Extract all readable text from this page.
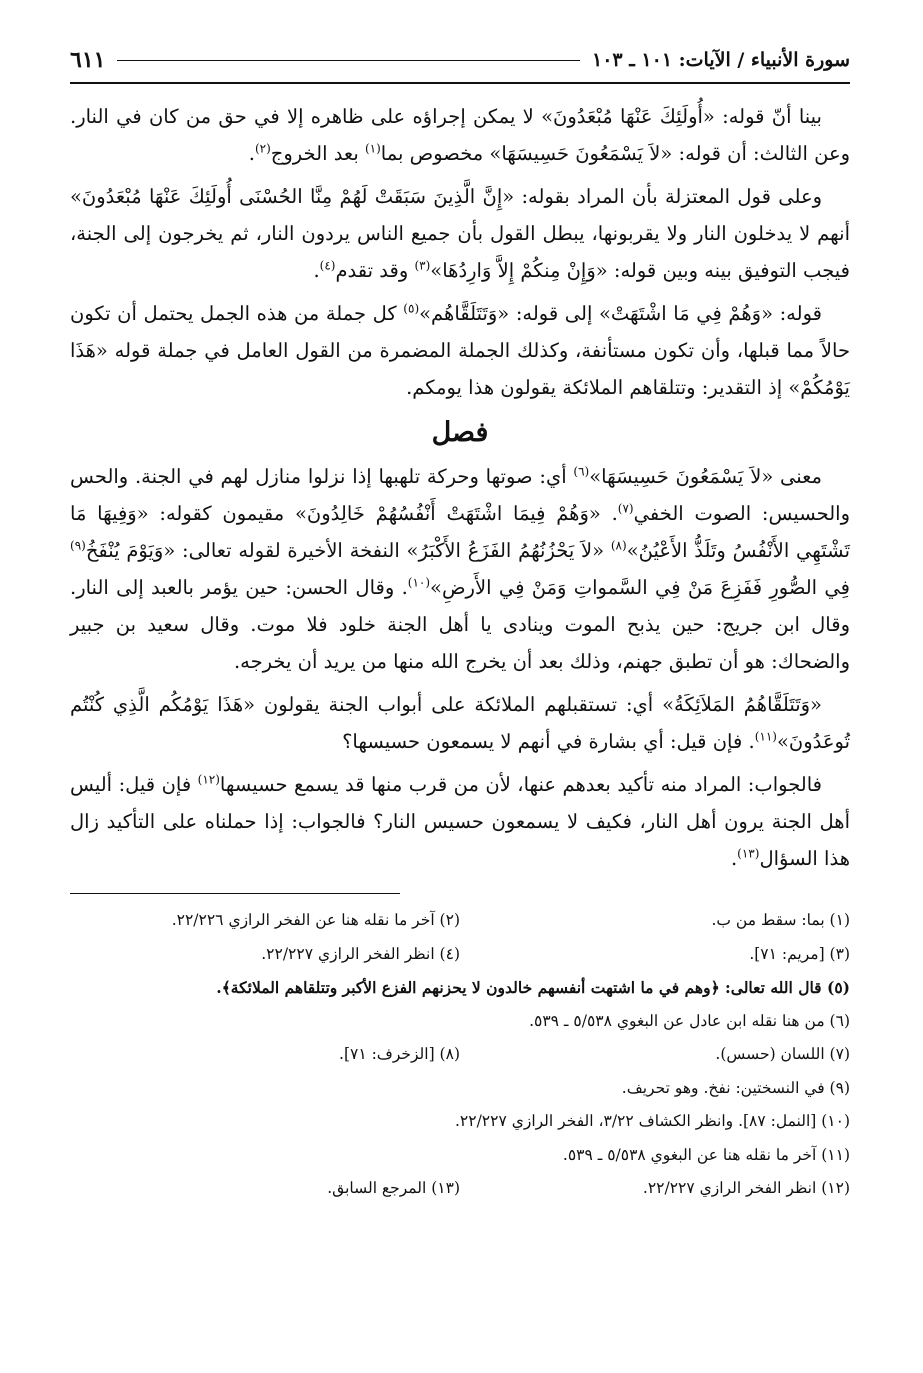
سورة الأنبياء / الآيات: ١٠١ ـ ١٠٣
٦١١

بينا أنّ قوله: «أُولَئِكَ عَنْهَا مُبْعَدُونَ» لا يمكن إجراؤه على ظاهره إلا في حق من كان في النار. وعن الثالث: أن قوله: «لاَ يَسْمَعُونَ حَسِيسَهَا» مخصوص بما$^{(١)}$ بعد الخروج$^{(٢)}$.

وعلى قول المعتزلة بأن المراد بقوله: «إِنَّ الَّذِينَ سَبَقَتْ لَهُمْ مِنَّا الحُسْنَى أُولَئِكَ عَنْهَا مُبْعَدُونَ» أنهم لا يدخلون النار ولا يقربونها، يبطل القول بأن جميع الناس يردون النار، ثم يخرجون إلى الجنة، فيجب التوفيق بينه وبين قوله: «وَإِنْ مِنكُمْ إِلاَّ وَارِدُهَا»$^{(٣)}$ وقد تقدم$^{(٤)}$.

قوله: «وَهُمْ فِي مَا اشْتَهَتْ» إلى قوله: «وَتَتَلَقَّاهُم»$^{(٥)}$ كل جملة من هذه الجمل يحتمل أن تكون حالاً مما قبلها، وأن تكون مستأنفة، وكذلك الجملة المضمرة من القول العامل في جملة قوله «هَذَا يَوْمُكُمْ» إذ التقدير: وتتلقاهم الملائكة يقولون هذا يومكم.

فصل

معنى «لاَ يَسْمَعُونَ حَسِيسَهَا»$^{(٦)}$ أي: صوتها وحركة تلهبها إذا نزلوا منازل لهم في الجنة. والحس والحسيس: الصوت الخفي$^{(٧)}$. «وَهُمْ فِيمَا اشْتَهَتْ أَنْفُسُهُمْ خَالِدُونَ» مقيمون كقوله: «وَفِيهَا مَا تَشْتَهِي الأَنْفُسُ وتَلَذُّ الأَعْيُنُ»$^{(٨)}$ «لاَ يَحْزُنُهُمُ الفَزَعُ الأَكْبَرُ» النفخة الأخيرة لقوله تعالى: «وَيَوْمَ يُنْفَخُ$^{(٩)}$ فِي الصُّورِ فَفَزِعَ مَنْ فِي السَّمواتِ وَمَنْ فِي الأَرضِ»$^{(١٠)}$. وقال الحسن: حين يؤمر بالعبد إلى النار. وقال ابن جريج: حين يذبح الموت وينادى يا أهل الجنة خلود فلا موت. وقال سعيد بن جبير والضحاك: هو أن تطبق جهنم، وذلك بعد أن يخرج الله منها من يريد أن يخرجه.

«وَتَتَلَقَّاهُمُ المَلاَئِكَةُ» أي: تستقبلهم الملائكة على أبواب الجنة يقولون «هَذَا يَوْمُكُم الَّذِي كُنْتُم تُوعَدُونَ»$^{(١١)}$. فإن قيل: أي بشارة في أنهم لا يسمعون حسيسها؟

فالجواب: المراد منه تأكيد بعدهم عنها، لأن من قرب منها قد يسمع حسيسها$^{(١٢)}$ فإن قيل: أليس أهل الجنة يرون أهل النار، فكيف لا يسمعون حسيس النار؟ فالجواب: إذا حملناه على التأكيد زال هذا السؤال$^{(١٣)}$.

(١) بما: سقط من ب.
(٢) آخر ما نقله هنا عن الفخر الرازي ٢٢/٢٢٦.
(٣) [مريم: ٧١].
(٤) انظر الفخر الرازي ٢٢/٢٢٧.
(٥) قال الله تعالى: ﴿وهم في ما اشتهت أنفسهم خالدون لا يحزنهم الفزع الأكبر وتتلقاهم الملائكة﴾.
(٦) من هنا نقله ابن عادل عن البغوي ٥/٥٣٨ ـ ٥٣٩.
(٧) اللسان (حسس).
(٨) [الزخرف: ٧١].
(٩) في النسختين: نفخ. وهو تحريف.
(١٠) [النمل: ٨٧]. وانظر الكشاف ٣/٢٢، الفخر الرازي ٢٢/٢٢٧.
(١١) آخر ما نقله هنا عن البغوي ٥/٥٣٨ ـ ٥٣٩.
(١٢) انظر الفخر الرازي ٢٢/٢٢٧.
(١٣) المرجع السابق.
